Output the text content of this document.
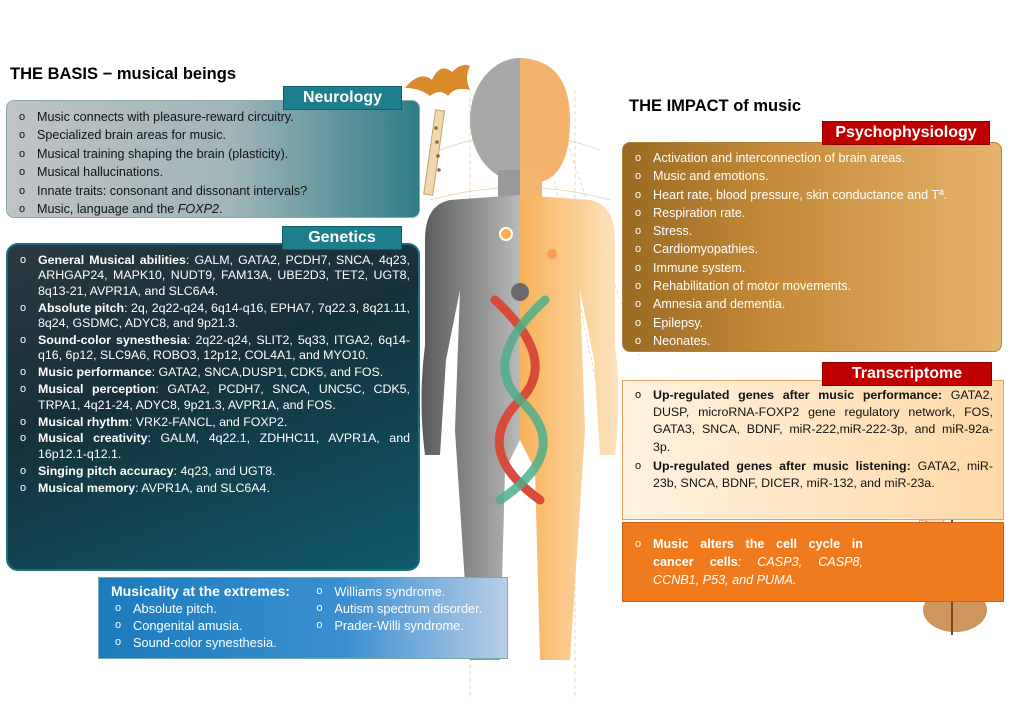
THE BASIS − musical beings
THE IMPACT of music
o Music connects with pleasure-reward circuitry.
o Specialized brain areas for music.
o Musical training shaping the brain (plasticity).
o Musical hallucinations.
o Innate traits: consonant and dissonant intervals?
o Music, language and the FOXP2.
Neurology
o General Musical abilities: GALM, GATA2, PCDH7, SNCA, 4q23, ARHGAP24, MAPK10, NUDT9, FAM13A, UBE2D3, TET2, UGT8, 8q13-21, AVPR1A, and SLC6A4.
o Absolute pitch: 2q, 2q22-q24, 6q14-q16, EPHA7, 7q22.3, 8q21.11, 8q24, GSDMC, ADYC8, and 9p21.3.
o Sound-color synesthesia: 2q22-q24, SLIT2, 5q33, ITGA2, 6q14-q16, 6p12, SLC9A6, ROBO3, 12p12, COL4A1, and MYO10.
o Music performance: GATA2, SNCA,DUSP1, CDK5, and FOS.
o Musical perception: GATA2, PCDH7, SNCA, UNC5C, CDK5, TRPA1, 4q21-24, ADYC8, 9p21.3, AVPR1A, and FOS.
o Musical rhythm: VRK2-FANCL, and FOXP2.
o Musical creativity: GALM, 4q22.1, ZDHHC11, AVPR1A, and 16p12.1-q12.1.
o Singing pitch accuracy: 4q23, and UGT8.
o Musical memory: AVPR1A, and SLC6A4.
Genetics
Musicality at the extremes:
o Absolute pitch.
o Congenital amusia.
o Sound-color synesthesia.
o Williams syndrome.
o Autism spectrum disorder.
o Prader-Willi syndrome.
o Activation and interconnection of brain areas.
o Music and emotions.
o Heart rate, blood pressure, skin conductance and Tª.
o Respiration rate.
o Stress.
o Cardiomyopathies.
o Immune system.
o Rehabilitation of motor movements.
o Amnesia and dementia.
o Epilepsy.
o Neonates.
Psychophysiology
o Up-regulated genes after music performance: GATA2, DUSP, microRNA-FOXP2 gene regulatory network, FOS, GATA3, SNCA, BDNF, miR-222,miR-222-3p, and miR-92a-3p.
o Up-regulated genes after music listening: GATA2, miR-23b, SNCA, BDNF, DICER, miR-132, and miR-23a.
Transcriptome
o Music alters the cell cycle in cancer cells: CASP3, CASP8, CCNB1, P53, and PUMA.
